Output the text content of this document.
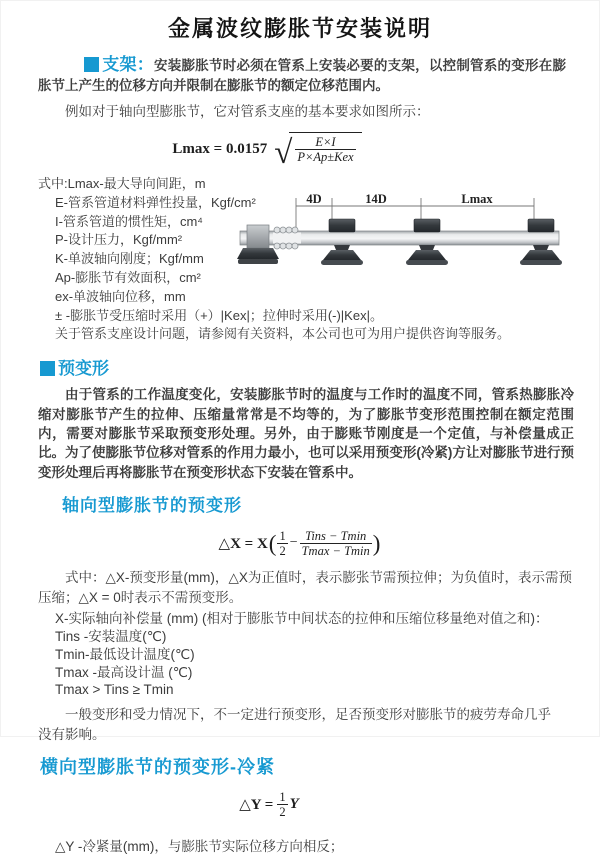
金属波纹膨胀节安装说明

支架：安装膨胀节时必须在管系上安装必要的支架，以控制管系的变形在膨胀节上产生的位移方向并限制在膨胀节的额定位移范围内。

例如对于轴向型膨胀节，它对管系支座的基本要求如图所示：

Lmax = 0.0157 √ $\frac{E\times I}{\text{P×Ap±Kex}}$
式中:Lmax-最大导向间距，m
E-管系管道材料弹性投量，Kgf/cm²
I-管系管道的惯性矩，cm⁴
P-设计压力，Kgf/mm²
K-单波轴向刚度；Kgf/mm
Ap-膨胀节有效面积，cm²
ex-单波轴向位移，mm
± -膨胀节受压缩时采用（+）|Kex|；拉伸时采用(-)|Kex|。
关于管系支座设计问题，请参阅有关资料，本公司也可为用户提供咨询等服务。
4D	14D	Lmax
预变形

由于管系的工作温度变化，安装膨胀节时的温度与工作时的温度不同，管系热膨胀冷缩对膨胀节产生的拉伸、压缩量常常是不均等的，为了膨胀节变形范围控制在额定范围内，需要对膨胀节采取预变形处理。另外，由于膨账节刚度是一个定值，与补偿量成正比。为了使膨胀节位移对管系的作用力最小，也可以采用预变形(冷紧)方让对膨胀节进行预变形处理后再将膨胀节在预变形状态下安装在管系中。

轴向型膨胀节的预变形
△X = X ( $\frac{1}{2} - \frac{\text{Tins − Tmin}}{Tmax - Tmin}$ )

式中：△X-预变形量(mm)，△X为正值时，表示膨张节需预拉伸；为负值时，表示需预压缩；△X = 0时表示不需预变形。

X-实际轴向补偿量 (mm) (相对于膨胀节中间状态的拉伸和压缩位移量绝对值之和)：
Tins -安装温度(℃)
Tmin-最低设计温度(℃)
Tmax -最高设计温 (℃)
Tmax > Tins ≥ Tmin

一般变形和受力情况下，不一定进行预变形，足否预变形对膨胀节的疲劳寿命几乎没有影响。

横向型膨胀节的预变形-冷紧
△Y = $\frac{1}{2}$ Y

△Y -冷紧量(mm)，与膨胀节实际位移方向相反；
